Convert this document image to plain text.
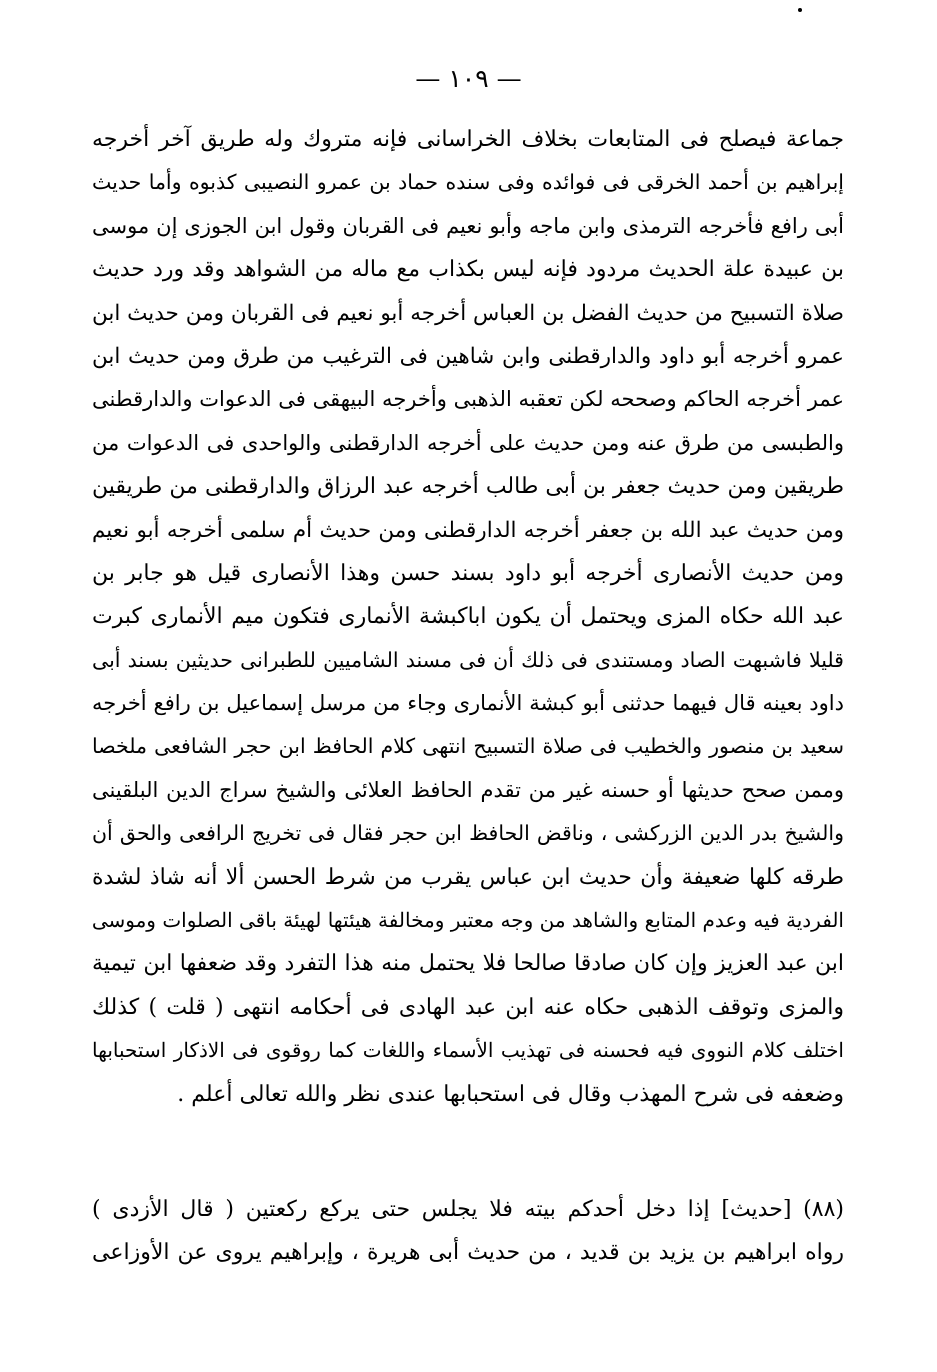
— ١٠٩ —
جماعة فيصلح فى المتابعات بخلاف الخراسانى فإنه متروك وله طريق آخر أخرجه
إبراهيم بن أحمد الخرقى فى فوائده وفى سنده حماد بن عمرو النصيبى كذبوه وأما حديث
أبى رافع فأخرجه الترمذى وابن ماجه وأبو نعيم فى القربان وقول ابن الجوزى إن موسى
بن عبيدة علة الحديث مردود فإنه ليس بكذاب مع ماله من الشواهد وقد ورد حديث
صلاة التسبيح من حديث الفضل بن العباس أخرجه أبو نعيم فى القربان ومن حديث ابن
عمرو أخرجه أبو داود والدارقطنى وابن شاهين فى الترغيب من طرق ومن حديث ابن
عمر أخرجه الحاكم وصححه لكن تعقبه الذهبى وأخرجه البيهقى فى الدعوات والدارقطنى
والطبسى من طرق عنه ومن حديث على أخرجه الدارقطنى والواحدى فى الدعوات من
طريقين ومن حديث جعفر بن أبى طالب أخرجه عبد الرزاق والدارقطنى من طريقين
ومن حديث عبد الله بن جعفر أخرجه الدارقطنى ومن حديث أم سلمى أخرجه أبو نعيم
ومن حديث الأنصارى أخرجه أبو داود بسند حسن وهذا الأنصارى قيل هو جابر بن
عبد الله حكاه المزى ويحتمل أن يكون اباكبشة الأنمارى فتكون ميم الأنمارى كبرت
قليلا فاشبهت الصاد ومستندى فى ذلك أن فى مسند الشاميين للطبرانى حديثين بسند أبى
داود بعينه قال فيهما حدثنى أبو كبشة الأنمارى وجاء من مرسل إسماعيل بن رافع أخرجه
سعيد بن منصور والخطيب فى صلاة التسبيح انتهى كلام الحافظ ابن حجر الشافعى ملخصا
وممن صحح حديثها أو حسنه غير من تقدم الحافظ العلائى والشيخ سراج الدين البلقينى
والشيخ بدر الدين الزركشى ، وناقض الحافظ ابن حجر فقال فى تخريج الرافعى والحق أن
طرقه كلها ضعيفة وأن حديث ابن عباس يقرب من شرط الحسن ألا أنه شاذ لشدة
الفردية فيه وعدم المتابع والشاهد من وجه معتبر ومخالفة هيئتها لهيئة باقى الصلوات وموسى
ابن عبد العزيز وإن كان صادقا صالحا فلا يحتمل منه هذا التفرد وقد ضعفها ابن تيمية
والمزى وتوقف الذهبى حكاه عنه ابن عبد الهادى فى أحكامه انتهى ( قلت ) كذلك
اختلف كلام النووى فيه فحسنه فى تهذيب الأسماء واللغات كما روقوى فى الاذكار استحبابها
وضعفه فى شرح المهذب وقال فى استحبابها عندى نظر والله تعالى أعلم .
(٨٨) [حديث] إذا دخل أحدكم بيته فلا يجلس حتى يركع ركعتين ( قال الأزدى )
رواه ابراهيم بن يزيد بن قديد ، من حديث أبى هريرة ، وإبراهيم يروى عن الأوزاعى
